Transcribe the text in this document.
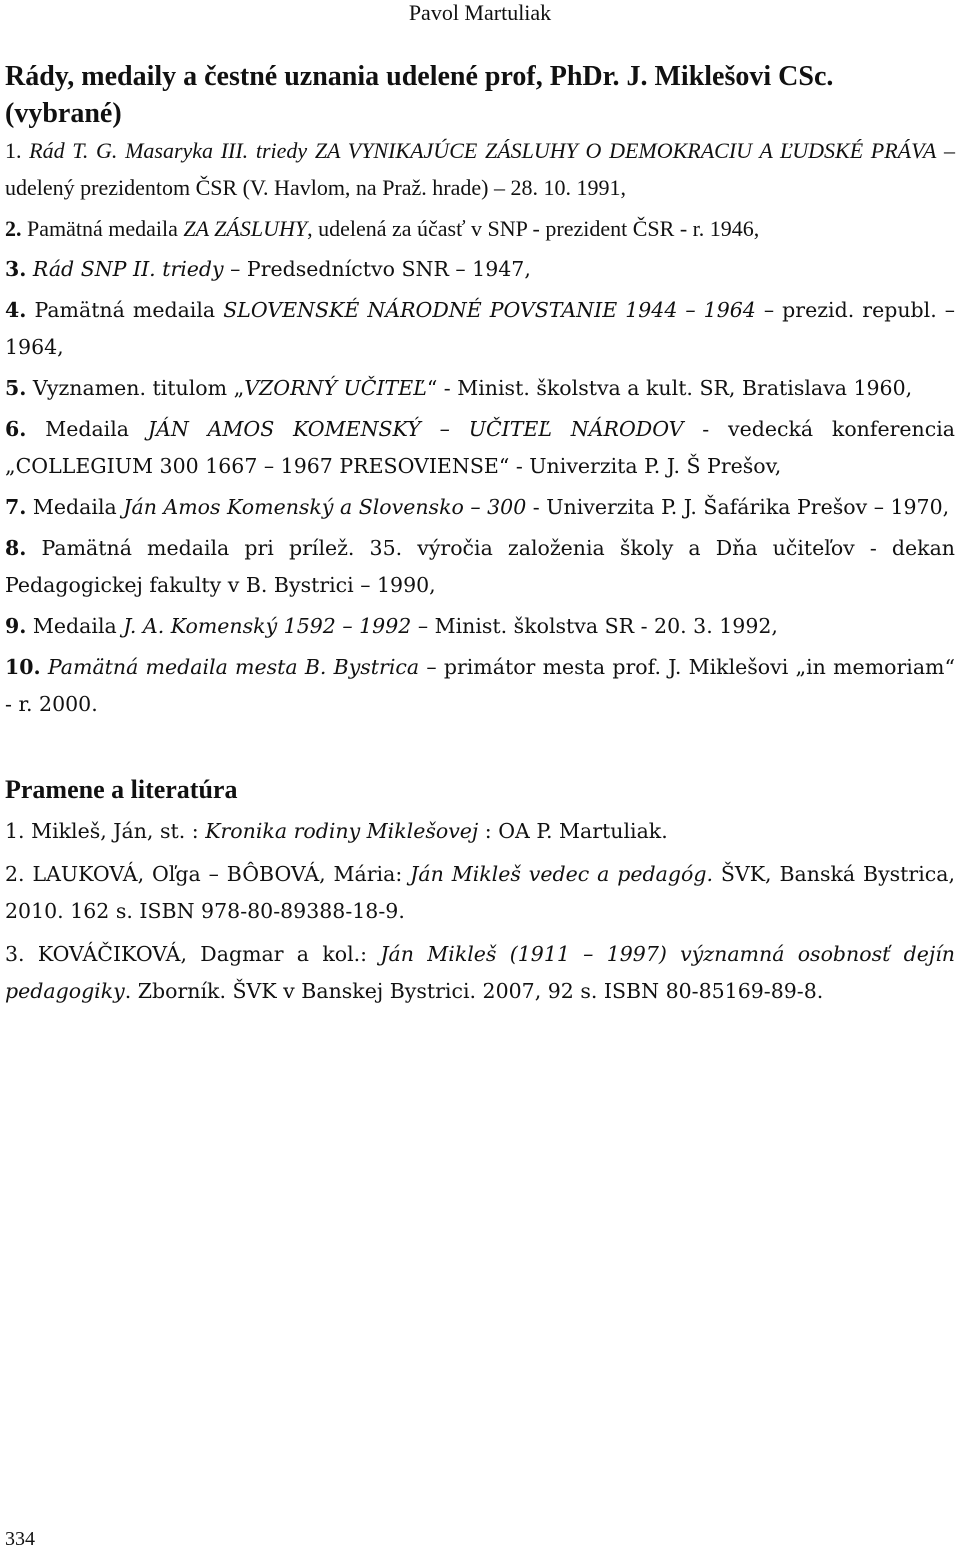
Pavol Martuliak

Rády, medaily a čestné uznania udelené prof, PhDr. J. Miklešovi CSc.
(vybrané)

1. Rád T. G. Masaryka III. triedy ZA VYNIKAJÚCE ZÁSLUHY O DEMOKRACIU A ĽUDSKÉ PRÁVA – udelený prezidentom ČSR (V. Havlom, na Praž. hrade) – 28. 10. 1991,

2. Pamätná medaila ZA ZÁSLUHY, udelená za účasť v SNP - prezident ČSR - r. 1946,

3. Rád SNP II. triedy – Predsedníctvo SNR – 1947,

4. Pamätná medaila SLOVENSKÉ NÁRODNÉ POVSTANIE 1944 – 1964 – prezid. republ. – 1964,

5. Vyznamen. titulom „VZORNÝ UČITEĽ“ - Minist. školstva a kult. SR, Bratislava 1960,

6. Medaila JÁN AMOS KOMENSKÝ – UČITEĽ NÁRODOV - vedecká konferencia „COLLEGIUM 300 1667 – 1967 PRESOVIENSE“ - Univerzita P. J. Š Prešov,

7. Medaila Ján Amos Komenský a Slovensko – 300 - Univerzita P. J. Šafárika Prešov – 1970,

8. Pamätná medaila pri prílež. 35. výročia založenia školy a Dňa učiteľov - dekan Pedagogickej fakulty v B. Bystrici – 1990,

9. Medaila J. A. Komenský 1592 – 1992 – Minist. školstva SR - 20. 3. 1992,

10. Pamätná medaila mesta B. Bystrica – primátor mesta prof. J. Miklešovi „in memoriam“ - r. 2000.

Pramene a literatúra

1. Mikleš, Ján, st. : Kronika rodiny Miklešovej : OA P. Martuliak.

2. LAUKOVÁ, Oľga – BÔBOVÁ, Mária: Ján Mikleš vedec a pedagóg. ŠVK, Banská Bystrica, 2010. 162 s. ISBN 978-80-89388-18-9.

3. KOVÁČIKOVÁ, Dagmar a kol.: Ján Mikleš (1911 – 1997) významná osobnosť dejín pedagogiky. Zborník. ŠVK v Banskej Bystrici. 2007, 92 s. ISBN 80-85169-89-8.

334
